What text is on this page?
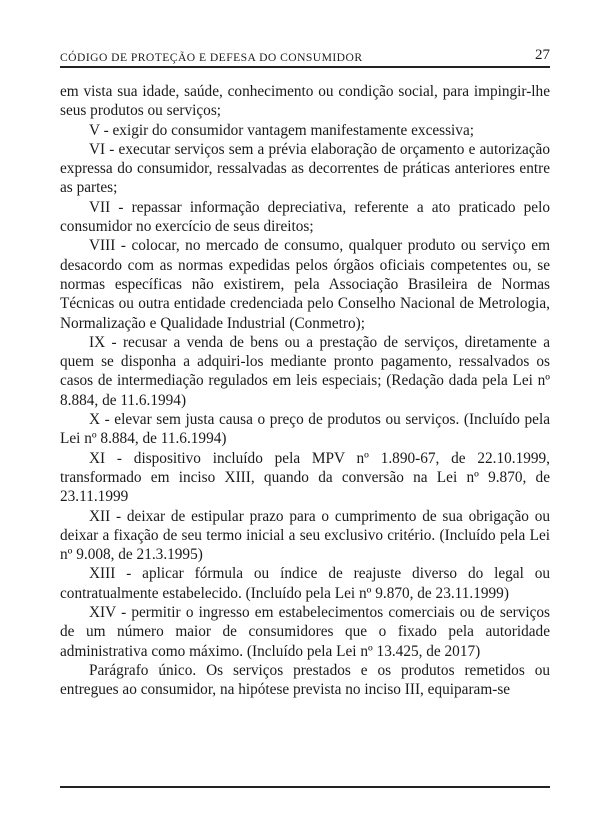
CÓDIGO DE PROTEÇÃO E DEFESA DO CONSUMIDOR	27

em vista sua idade, saúde, conhecimento ou condição social, para impingir-lhe seus produtos ou serviços;

V - exigir do consumidor vantagem manifestamente excessiva;

VI - executar serviços sem a prévia elaboração de orçamento e autorização expressa do consumidor, ressalvadas as decorrentes de práticas anteriores entre as partes;

VII - repassar informação depreciativa, referente a ato praticado pelo consumidor no exercício de seus direitos;

VIII - colocar, no mercado de consumo, qualquer produto ou serviço em desacordo com as normas expedidas pelos órgãos oficiais competentes ou, se normas específicas não existirem, pela Associação Brasileira de Normas Técnicas ou outra entidade credenciada pelo Conselho Nacional de Metrologia, Normalização e Qualidade Industrial (Conmetro);

IX - recusar a venda de bens ou a prestação de serviços, diretamente a quem se disponha a adquiri-los mediante pronto pagamento, ressalvados os casos de intermediação regulados em leis especiais; (Redação dada pela Lei nº 8.884, de 11.6.1994)

X - elevar sem justa causa o preço de produtos ou serviços. (Incluído pela Lei nº 8.884, de 11.6.1994)

XI - dispositivo incluído pela MPV nº 1.890-67, de 22.10.1999, transformado em inciso XIII, quando da conversão na Lei nº 9.870, de 23.11.1999

XII - deixar de estipular prazo para o cumprimento de sua obrigação ou deixar a fixação de seu termo inicial a seu exclusivo critério. (Incluído pela Lei nº 9.008, de 21.3.1995)

XIII - aplicar fórmula ou índice de reajuste diverso do legal ou contratualmente estabelecido. (Incluído pela Lei nº 9.870, de 23.11.1999)

XIV - permitir o ingresso em estabelecimentos comerciais ou de serviços de um número maior de consumidores que o fixado pela autoridade administrativa como máximo. (Incluído pela Lei nº 13.425, de 2017)

Parágrafo único. Os serviços prestados e os produtos remetidos ou entregues ao consumidor, na hipótese prevista no inciso III, equiparam-se
